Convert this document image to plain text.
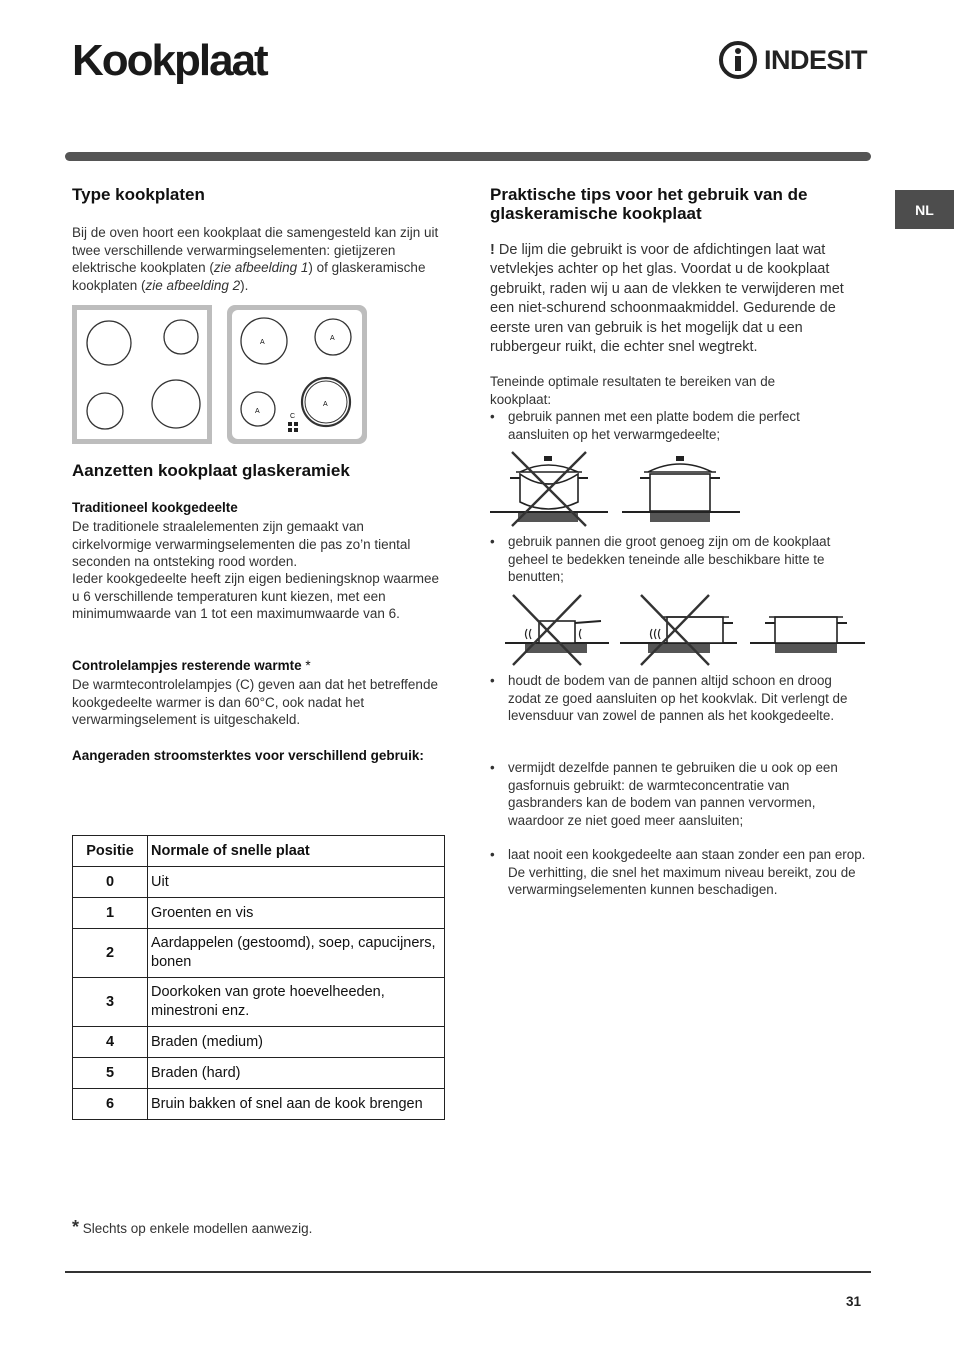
Kookplaat	INDESIT
NL
Type kookplaten

Bij de oven hoort een kookplaat die samengesteld kan zijn uit twee verschillende verwarmingselementen: gietijzeren elektrische kookplaten (zie afbeelding 1) of glaskeramische kookplaten (zie afbeelding 2).

A
A
A
A
C
Aanzetten kookplaat glaskeramiek
Traditioneel kookgedeelte

De traditionele straalelementen zijn gemaakt van cirkelvormige verwarmingselementen die pas zo’n tiental seconden na ontsteking rood worden.

Ieder kookgedeelte heeft zijn eigen bedieningsknop waarmee u 6 verschillende temperaturen kunt kiezen, met een minimumwaarde van 1 tot een maximumwaarde van 6.

Controlelampjes resterende warmte *

De warmtecontrolelampjes (C) geven aan dat het betreffende kookgedeelte warmer is dan 60°C, ook nadat het verwarmingselement is uitgeschakeld.

Aangeraden stroomsterktes voor verschillend gebruik:
Positie	Normale of snelle plaat
0	Uit
1	Groenten en vis
2	Aardappelen (gestoomd), soep, capucijners, bonen
3	Doorkoken van grote hoevelheeden, minestroni enz.
4	Braden (medium)
5	Braden (hard)
6	Bruin bakken of snel aan de kook brengen
* Slechts op enkele modellen aanwezig.
Praktische tips voor het gebruik van de glaskeramische kookplaat

! De lijm die gebruikt is voor de afdichtingen laat wat vetvlekjes achter op het glas. Voordat u de kookplaat gebruikt, raden wij u aan de vlekken te verwijderen met een niet-schurend schoonmaakmiddel. Gedurende de eerste uren van gebruik is het mogelijk dat u een rubbergeur ruikt, die echter snel wegtrekt.

Teneinde optimale resultaten te bereiken van de kookplaat:

• gebruik pannen met een platte bodem die perfect aansluiten op het verwarmgedeelte;
• gebruik pannen die groot genoeg zijn om de kookplaat geheel te bedekken teneinde alle beschikbare hitte te benutten;
• houdt de bodem van de pannen altijd schoon en droog zodat ze goed aansluiten op het kookvlak. Dit verlengt de levensduur van zowel de pannen als het kookgedeelte.
• vermijdt dezelfde pannen te gebruiken die u ook op een gasfornuis gebruikt: de warmteconcentratie van gasbranders kan de bodem van pannen vervormen, waardoor ze niet goed meer aansluiten;
• laat nooit een kookgedeelte aan staan zonder een pan erop. De verhitting, die snel het maximum niveau bereikt, zou de verwarmingselementen kunnen beschadigen.
31
